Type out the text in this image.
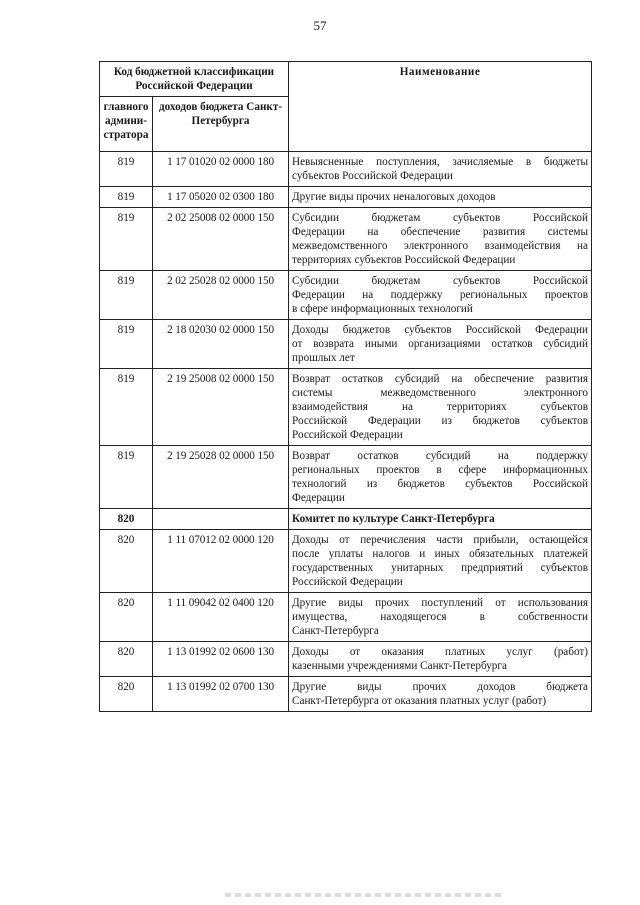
57
Код бюджетной классификации Российской Федерации		Наименование
главного админи-стратора	доходов бюджета Санкт-Петербурга	
819	1 17 01020 02 0000 180	Невыясненные поступления, зачисляемые в бюджеты
субъектов Российской Федерации

819	1 17 05020 02 0300 180	Другие виды прочих неналоговых доходов

819	2 02 25008 02 0000 150	Субсидии бюджетам субъектов Российской
Федерации на обеспечение развития системы
межведомственного электронного взаимодействия на
территориях субъектов Российской Федерации

819	2 02 25028 02 0000 150	Субсидии бюджетам субъектов Российской
Федерации на поддержку региональных проектов
в сфере информационных технологий

819	2 18 02030 02 0000 150	Доходы бюджетов субъектов Российской Федерации
от возврата иными организациями остатков субсидий
прошлых лет

819	2 19 25008 02 0000 150	Возврат остатков субсидий на обеспечение развития
системы межведомственного электронного
взаимодействия на территориях субъектов
Российской Федерации из бюджетов субъектов
Российской Федерации

819	2 19 25028 02 0000 150	Возврат остатков субсидий на поддержку
региональных проектов в сфере информационных
технологий из бюджетов субъектов Российской
Федерации

820		Комитет по культуре Санкт-Петербурга

820	1 11 07012 02 0000 120	Доходы от перечисления части прибыли, остающейся
после уплаты налогов и иных обязательных платежей
государственных унитарных предприятий субъектов
Российской Федерации

820	1 11 09042 02 0400 120	Другие виды прочих поступлений от использования
имущества, находящегося в собственности
Санкт-Петербурга

820	1 13 01992 02 0600 130	Доходы от оказания платных услуг (работ)
казенными учреждениями Санкт-Петербурга

820	1 13 01992 02 0700 130	Другие виды прочих доходов бюджета
Санкт-Петербурга от оказания платных услуг (работ)
